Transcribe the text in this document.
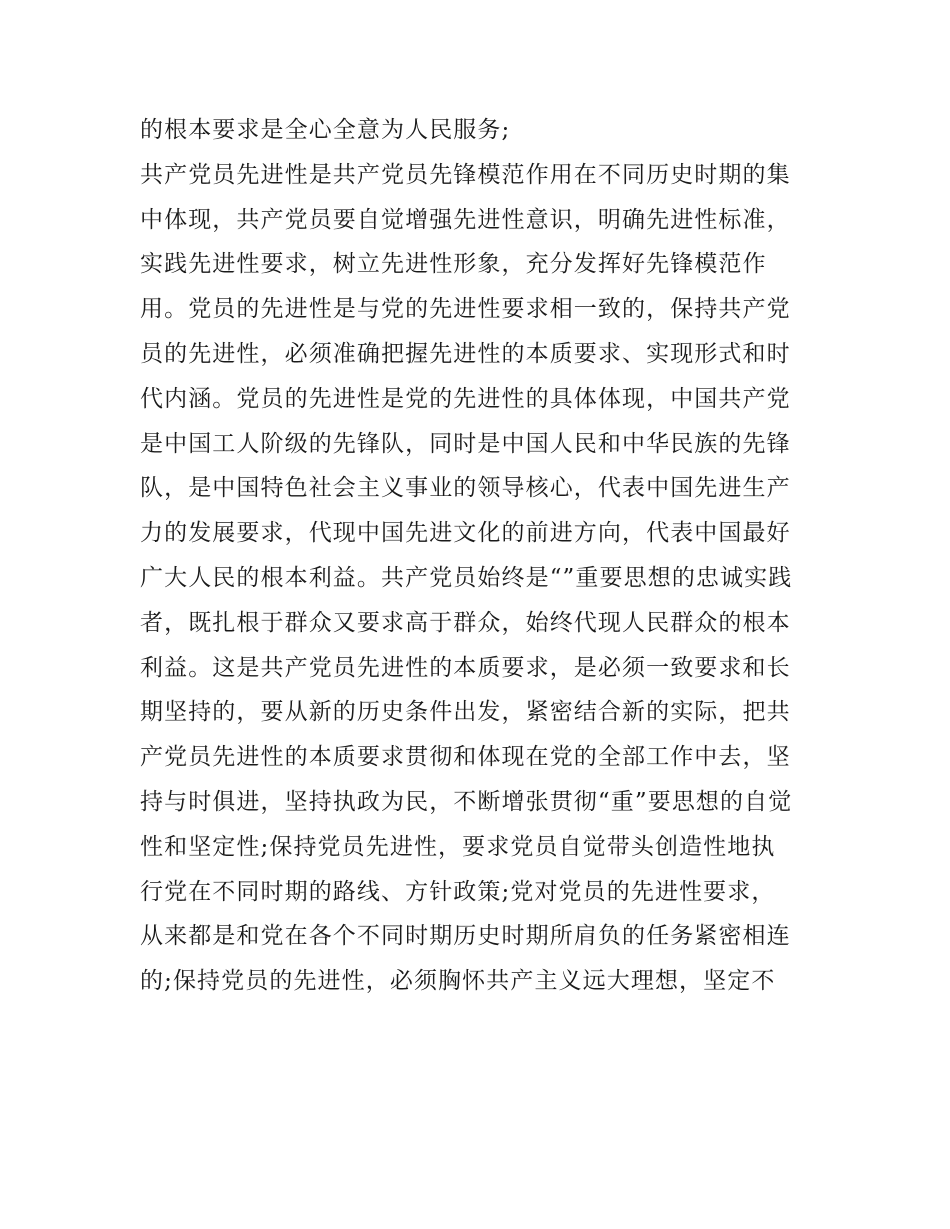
的根本要求是全心全意为人民服务;
共产党员先进性是共产党员先锋模范作用在不同历史时期的集
中体现，共产党员要自觉增强先进性意识，明确先进性标准，
实践先进性要求，树立先进性形象，充分发挥好先锋模范作
用。党员的先进性是与党的先进性要求相一致的，保持共产党
员的先进性，必须准确把握先进性的本质要求、实现形式和时
代内涵。党员的先进性是党的先进性的具体体现，中国共产党
是中国工人阶级的先锋队，同时是中国人民和中华民族的先锋
队，是中国特色社会主义事业的领导核心，代表中国先进生产
力的发展要求，代现中国先进文化的前进方向，代表中国最好
广大人民的根本利益。共产党员始终是“”重要思想的忠诚实践
者，既扎根于群众又要求高于群众，始终代现人民群众的根本
利益。这是共产党员先进性的本质要求，是必须一致要求和长
期坚持的，要从新的历史条件出发，紧密结合新的实际，把共
产党员先进性的本质要求贯彻和体现在党的全部工作中去，坚
持与时俱进，坚持执政为民，不断增张贯彻“重”要思想的自觉
性和坚定性;保持党员先进性，要求党员自觉带头创造性地执
行党在不同时期的路线、方针政策;党对党员的先进性要求，
从来都是和党在各个不同时期历史时期所肩负的任务紧密相连
的;保持党员的先进性，必须胸怀共产主义远大理想，坚定不
